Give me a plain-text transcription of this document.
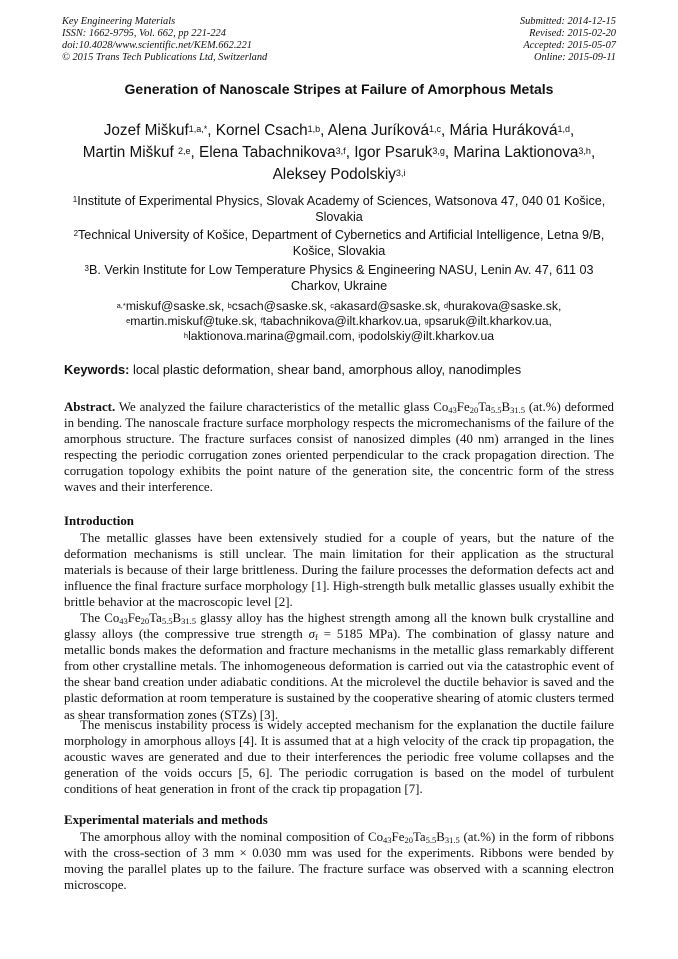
Key Engineering Materials
ISSN: 1662-9795, Vol. 662, pp 221-224
doi:10.4028/www.scientific.net/KEM.662.221
© 2015 Trans Tech Publications Ltd, Switzerland
Submitted: 2014-12-15
Revised: 2015-02-20
Accepted: 2015-05-07
Online: 2015-09-11
Generation of Nanoscale Stripes at Failure of Amorphous Metals
Jozef Miškuf$^{1,a,*}$, Kornel Csach$^{1,b}$, Alena Juríková$^{1,c}$, Mária Huráková$^{1,d}$,
Martin Miškuf $^{2,e}$, Elena Tabachnikova$^{3,f}$, Igor Psaruk$^{3,g}$, Marina Laktionova$^{3,h}$,
Aleksey Podolskiy$^{3,i}$
$^1$Institute of Experimental Physics, Slovak Academy of Sciences, Watsonova 47, 040 01 Košice, Slovakia
$^2$Technical University of Košice, Department of Cybernetics and Artificial Intelligence, Letna 9/B, Košice, Slovakia
$^3$B. Verkin Institute for Low Temperature Physics & Engineering NASU, Lenin Av. 47, 611 03 Charkov, Ukraine
$^{a,*}$miskuf@saske.sk, $^b$csach@saske.sk, $^c$akasard@saske.sk, $^d$hurakova@saske.sk,
$^e$martin.miskuf@tuke.sk, $^f$tabachnikova@ilt.kharkov.ua, $^g$psaruk@ilt.kharkov.ua,
$^h$laktionova.marina@gmail.com, $^i$podolskiy@ilt.kharkov.ua
Keywords: local plastic deformation, shear band, amorphous alloy, nanodimples
Abstract. We analyzed the failure characteristics of the metallic glass $Co_{43}Fe_{20}Ta_{5.5}B_{31.5}$ (at.%) deformed in bending. The nanoscale fracture surface morphology respects the micromechanisms of the failure of the amorphous structure. The fracture surfaces consist of nanosized dimples (40 nm) arranged in the lines respecting the periodic corrugation zones oriented perpendicular to the crack propagation direction. The corrugation topology exhibits the point nature of the generation site, the concentric form of the stress waves and their interference.
Introduction
The metallic glasses have been extensively studied for a couple of years, but the nature of the deformation mechanisms is still unclear. The main limitation for their application as the structural materials is because of their large brittleness. During the failure processes the deformation defects act and influence the final fracture surface morphology [1]. High-strength bulk metallic glasses usually exhibit the brittle behavior at the macroscopic level [2].
The $Co_{43}Fe_{20}Ta_{5.5}B_{31.5}$ glassy alloy has the highest strength among all the known bulk crystalline and glassy alloys (the compressive true strength $\sigma_f = 5185$ MPa). The combination of glassy nature and metallic bonds makes the deformation and fracture mechanisms in the metallic glass remarkably different from other crystalline metals. The inhomogeneous deformation is carried out via the catastrophic event of the shear band creation under adiabatic conditions. At the microlevel the ductile behavior is saved and the plastic deformation at room temperature is sustained by the cooperative shearing of atomic clusters termed as shear transformation zones (STZs) [3].
The meniscus instability process is widely accepted mechanism for the explanation the ductile failure morphology in amorphous alloys [4]. It is assumed that at a high velocity of the crack tip propagation, the acoustic waves are generated and due to their interferences the periodic free volume collapses and the generation of the voids occurs [5, 6]. The periodic corrugation is based on the model of turbulent conditions of heat generation in front of the crack tip propagation [7].
Experimental materials and methods
The amorphous alloy with the nominal composition of $Co_{43}Fe_{20}Ta_{5.5}B_{31.5}$ (at.%) in the form of ribbons with the cross-section of 3 mm × 0.030 mm was used for the experiments. Ribbons were bended by moving the parallel plates up to the failure. The fracture surface was observed with a scanning electron microscope.
